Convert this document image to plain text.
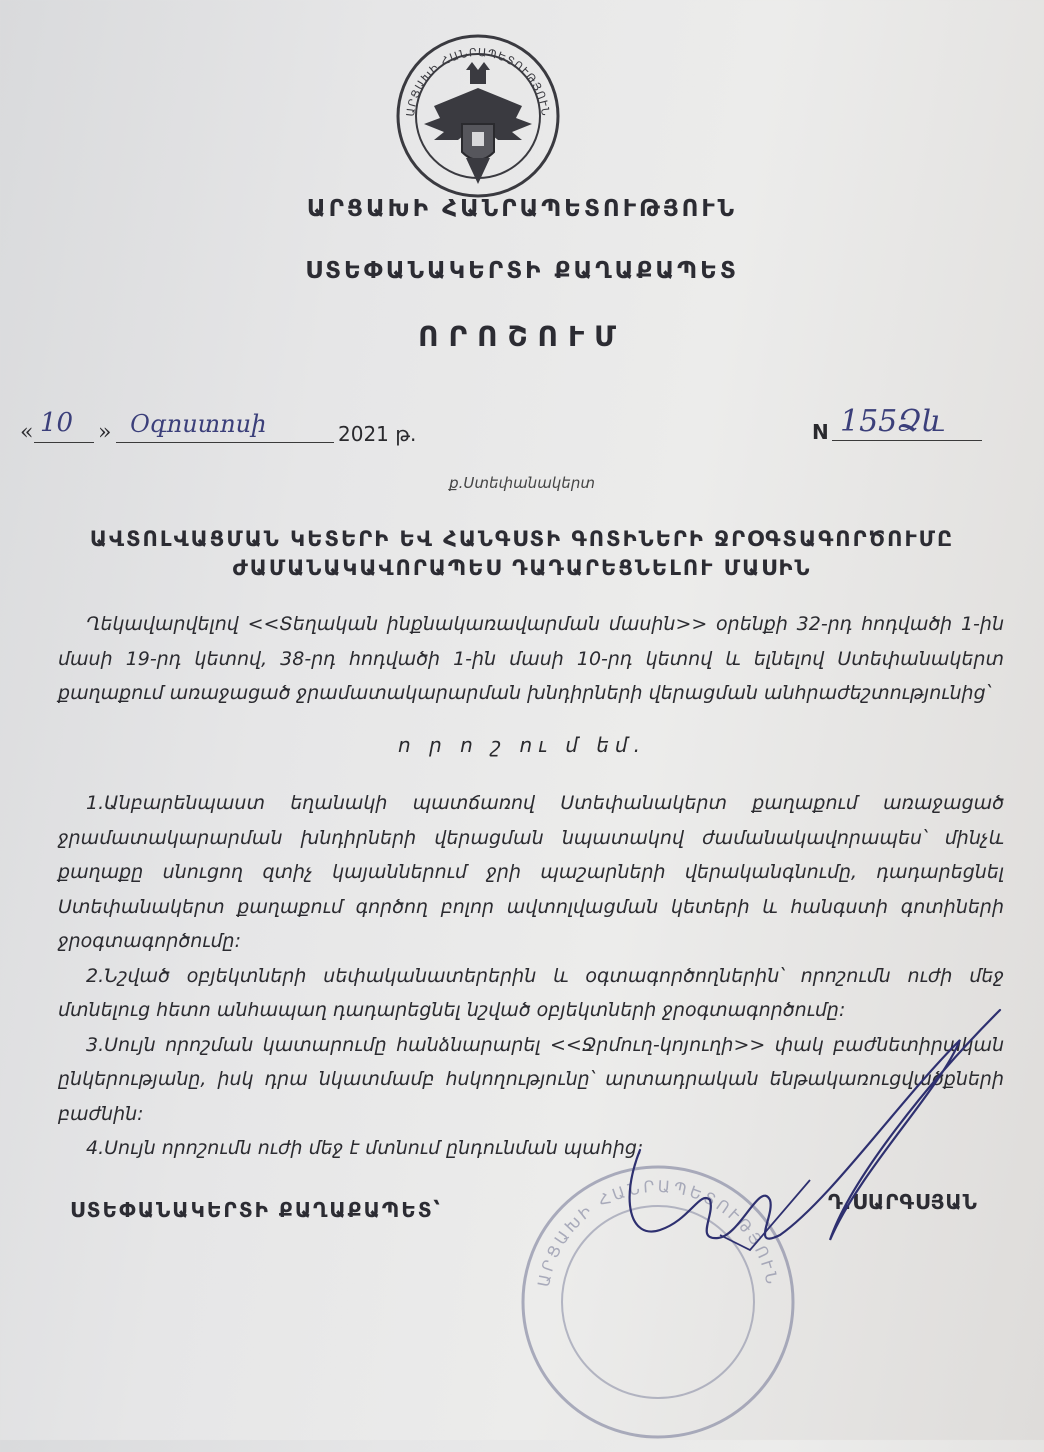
ԱՐՑԱԽԻ ՀԱՆՐԱՊԵՏՈՒԹՅՈՒՆ
ԱՐՑԱԽԻ ՀԱՆՐԱՊԵՏՈՒԹՅՈՒՆ
ՍՏԵՓԱՆԱԿԵՐՏԻ ՔԱՂԱՔԱՊԵՏ
ՈՐՈՇՈՒՄ
« 10 » Օգոստոսի	2021 թ.	N 155Ձև
ք.Ստեփանակերտ
ԱՎՏՈԼՎԱՑՄԱՆ ԿԵՏԵՐԻ ԵՎ ՀԱՆԳՍՏԻ ԳՈՏԻՆԵՐԻ ՋՐՕԳՏԱԳՈՐԾՈՒՄԸ
ԺԱՄԱՆԱԿԱՎՈՐԱՊԵՍ ԴԱԴԱՐԵՑՆԵԼՈՒ ՄԱՍԻՆ
Ղեկավարվելով <<Տեղական ինքնակառավարման մասին>> օրենքի 32-րդ հոդվածի 1-ին մասի 19-րդ կետով, 38-րդ հոդվածի 1-ին մասի 10-րդ կետով և ելնելով Ստեփանակերտ քաղաքում առաջացած ջրամատակարարման խնդիրների վերացման անհրաժեշտությունից՝
ո ր ո շ ու մ եմ.

1.Անբարենպաստ եղանակի պատճառով Ստեփանակերտ քաղաքում առաջացած ջրամատակարարման խնդիրների վերացման նպատակով ժամանակավորապես՝ մինչև քաղաքը սնուցող զտիչ կայաններում ջրի պաշարների վերականգնումը, դադարեցնել Ստեփանակերտ քաղաքում գործող բոլոր ավտոլվացման կետերի և հանգստի գոտիների ջրօգտագործումը:

2.Նշված օբյեկտների սեփականատերերին և օգտագործողներին՝ որոշումն ուժի մեջ մտնելուց հետո անհապաղ դադարեցնել նշված օբյեկտների ջրօգտագործումը:

3.Սույն որոշման կատարումը հանձնարարել <<Ջրմուղ-կոյուղի>> փակ բաժնետիրական ընկերությանը, իսկ դրա նկատմամբ հսկողությունը՝ արտադրական ենթակառուցվածքների բաժնին:

4.Սույն որոշումն ուժի մեջ է մտնում ընդունման պահից:

ՍՏԵՓԱՆԱԿԵՐՏԻ ՔԱՂԱՔԱՊԵՏ՝	Դ.ՍԱՐԳՍՅԱՆ
ԱՐՑԱԽԻ ՀԱՆՐԱՊԵՏՈՒԹՅՈՒՆ
